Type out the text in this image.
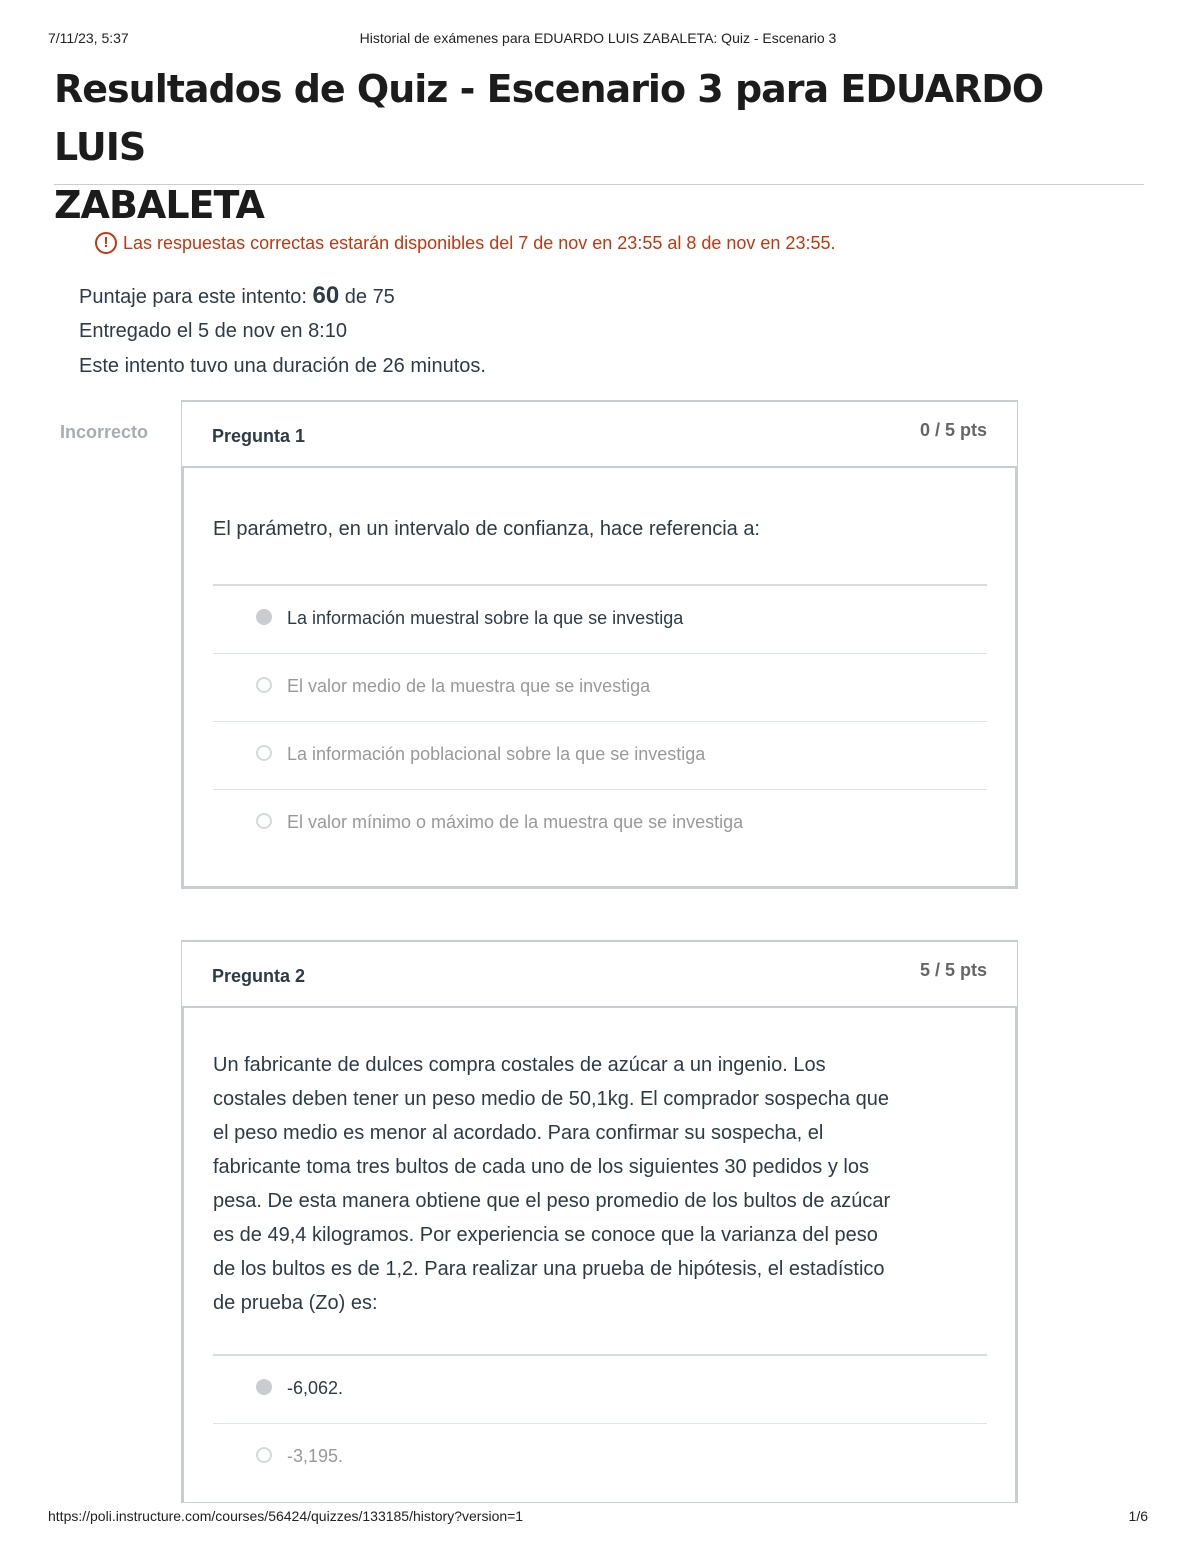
7/11/23, 5:37	Historial de exámenes para EDUARDO LUIS ZABALETA: Quiz - Escenario 3
Resultados de Quiz - Escenario 3 para EDUARDO LUIS
ZABALETA
! Las respuestas correctas estarán disponibles del 7 de nov en 23:55 al 8 de nov en 23:55.
Puntaje para este intento: 60 de 75
Entregado el 5 de nov en 8:10
Este intento tuvo una duración de 26 minutos.
Incorrecto	Pregunta 1	0 / 5 pts
El parámetro, en un intervalo de confianza, hace referencia a:
La información muestral sobre la que se investiga
El valor medio de la muestra que se investiga
La información poblacional sobre la que se investiga
El valor mínimo o máximo de la muestra que se investiga
Pregunta 2	5 / 5 pts
Un fabricante de dulces compra costales de azúcar a un ingenio. Los
costales deben tener un peso medio de 50,1kg. El comprador sospecha que
el peso medio es menor al acordado. Para confirmar su sospecha, el
fabricante toma tres bultos de cada uno de los siguientes 30 pedidos y los
pesa. De esta manera obtiene que el peso promedio de los bultos de azúcar
es de 49,4 kilogramos. Por experiencia se conoce que la varianza del peso
de los bultos es de 1,2. Para realizar una prueba de hipótesis, el estadístico
de prueba (Zo) es:
-6,062.
-3,195.
https://poli.instructure.com/courses/56424/quizzes/133185/history?version=1	1/6
